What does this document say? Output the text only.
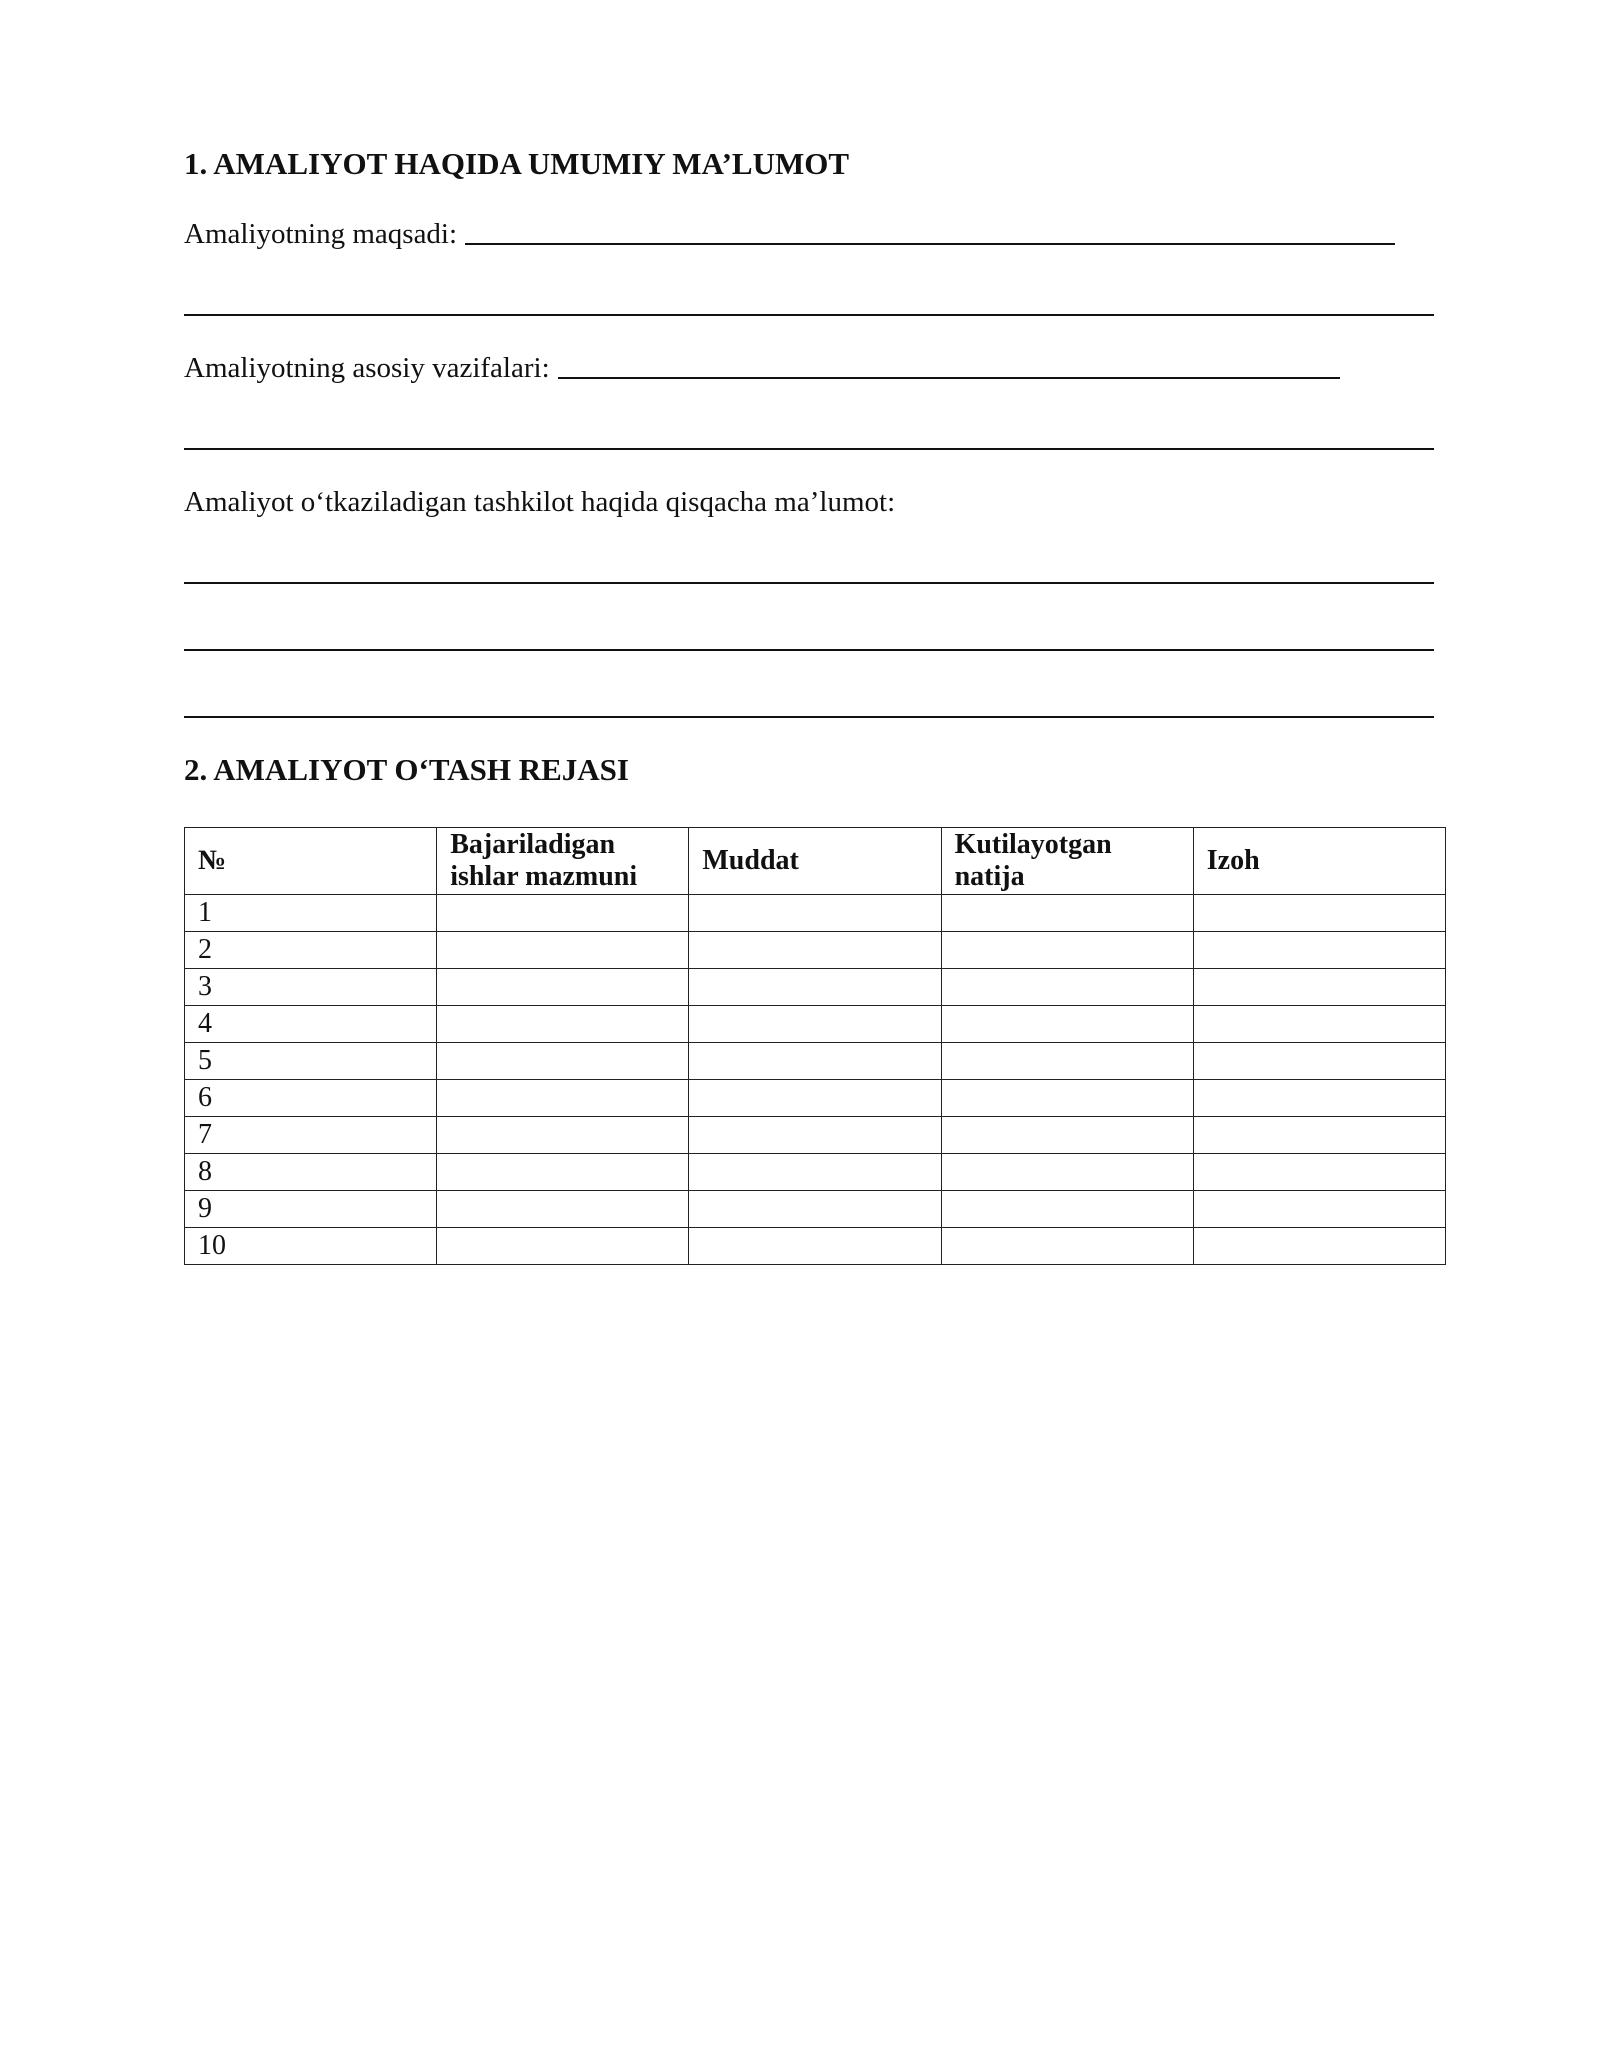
1. AMALIYOT HAQIDA UMUMIY MA’LUMOT
Amaliyotning maqsadi:
Amaliyotning asosiy vazifalari:
Amaliyot o‘tkaziladigan tashkilot haqida qisqacha ma’lumot:
2. AMALIYOT O‘TASH REJASI
№	Bajariladigan ishlar mazmuni	Muddat	Kutilayotgan natija	Izoh
1				
2				
3				
4				
5				
6				
7				
8				
9				
10				
